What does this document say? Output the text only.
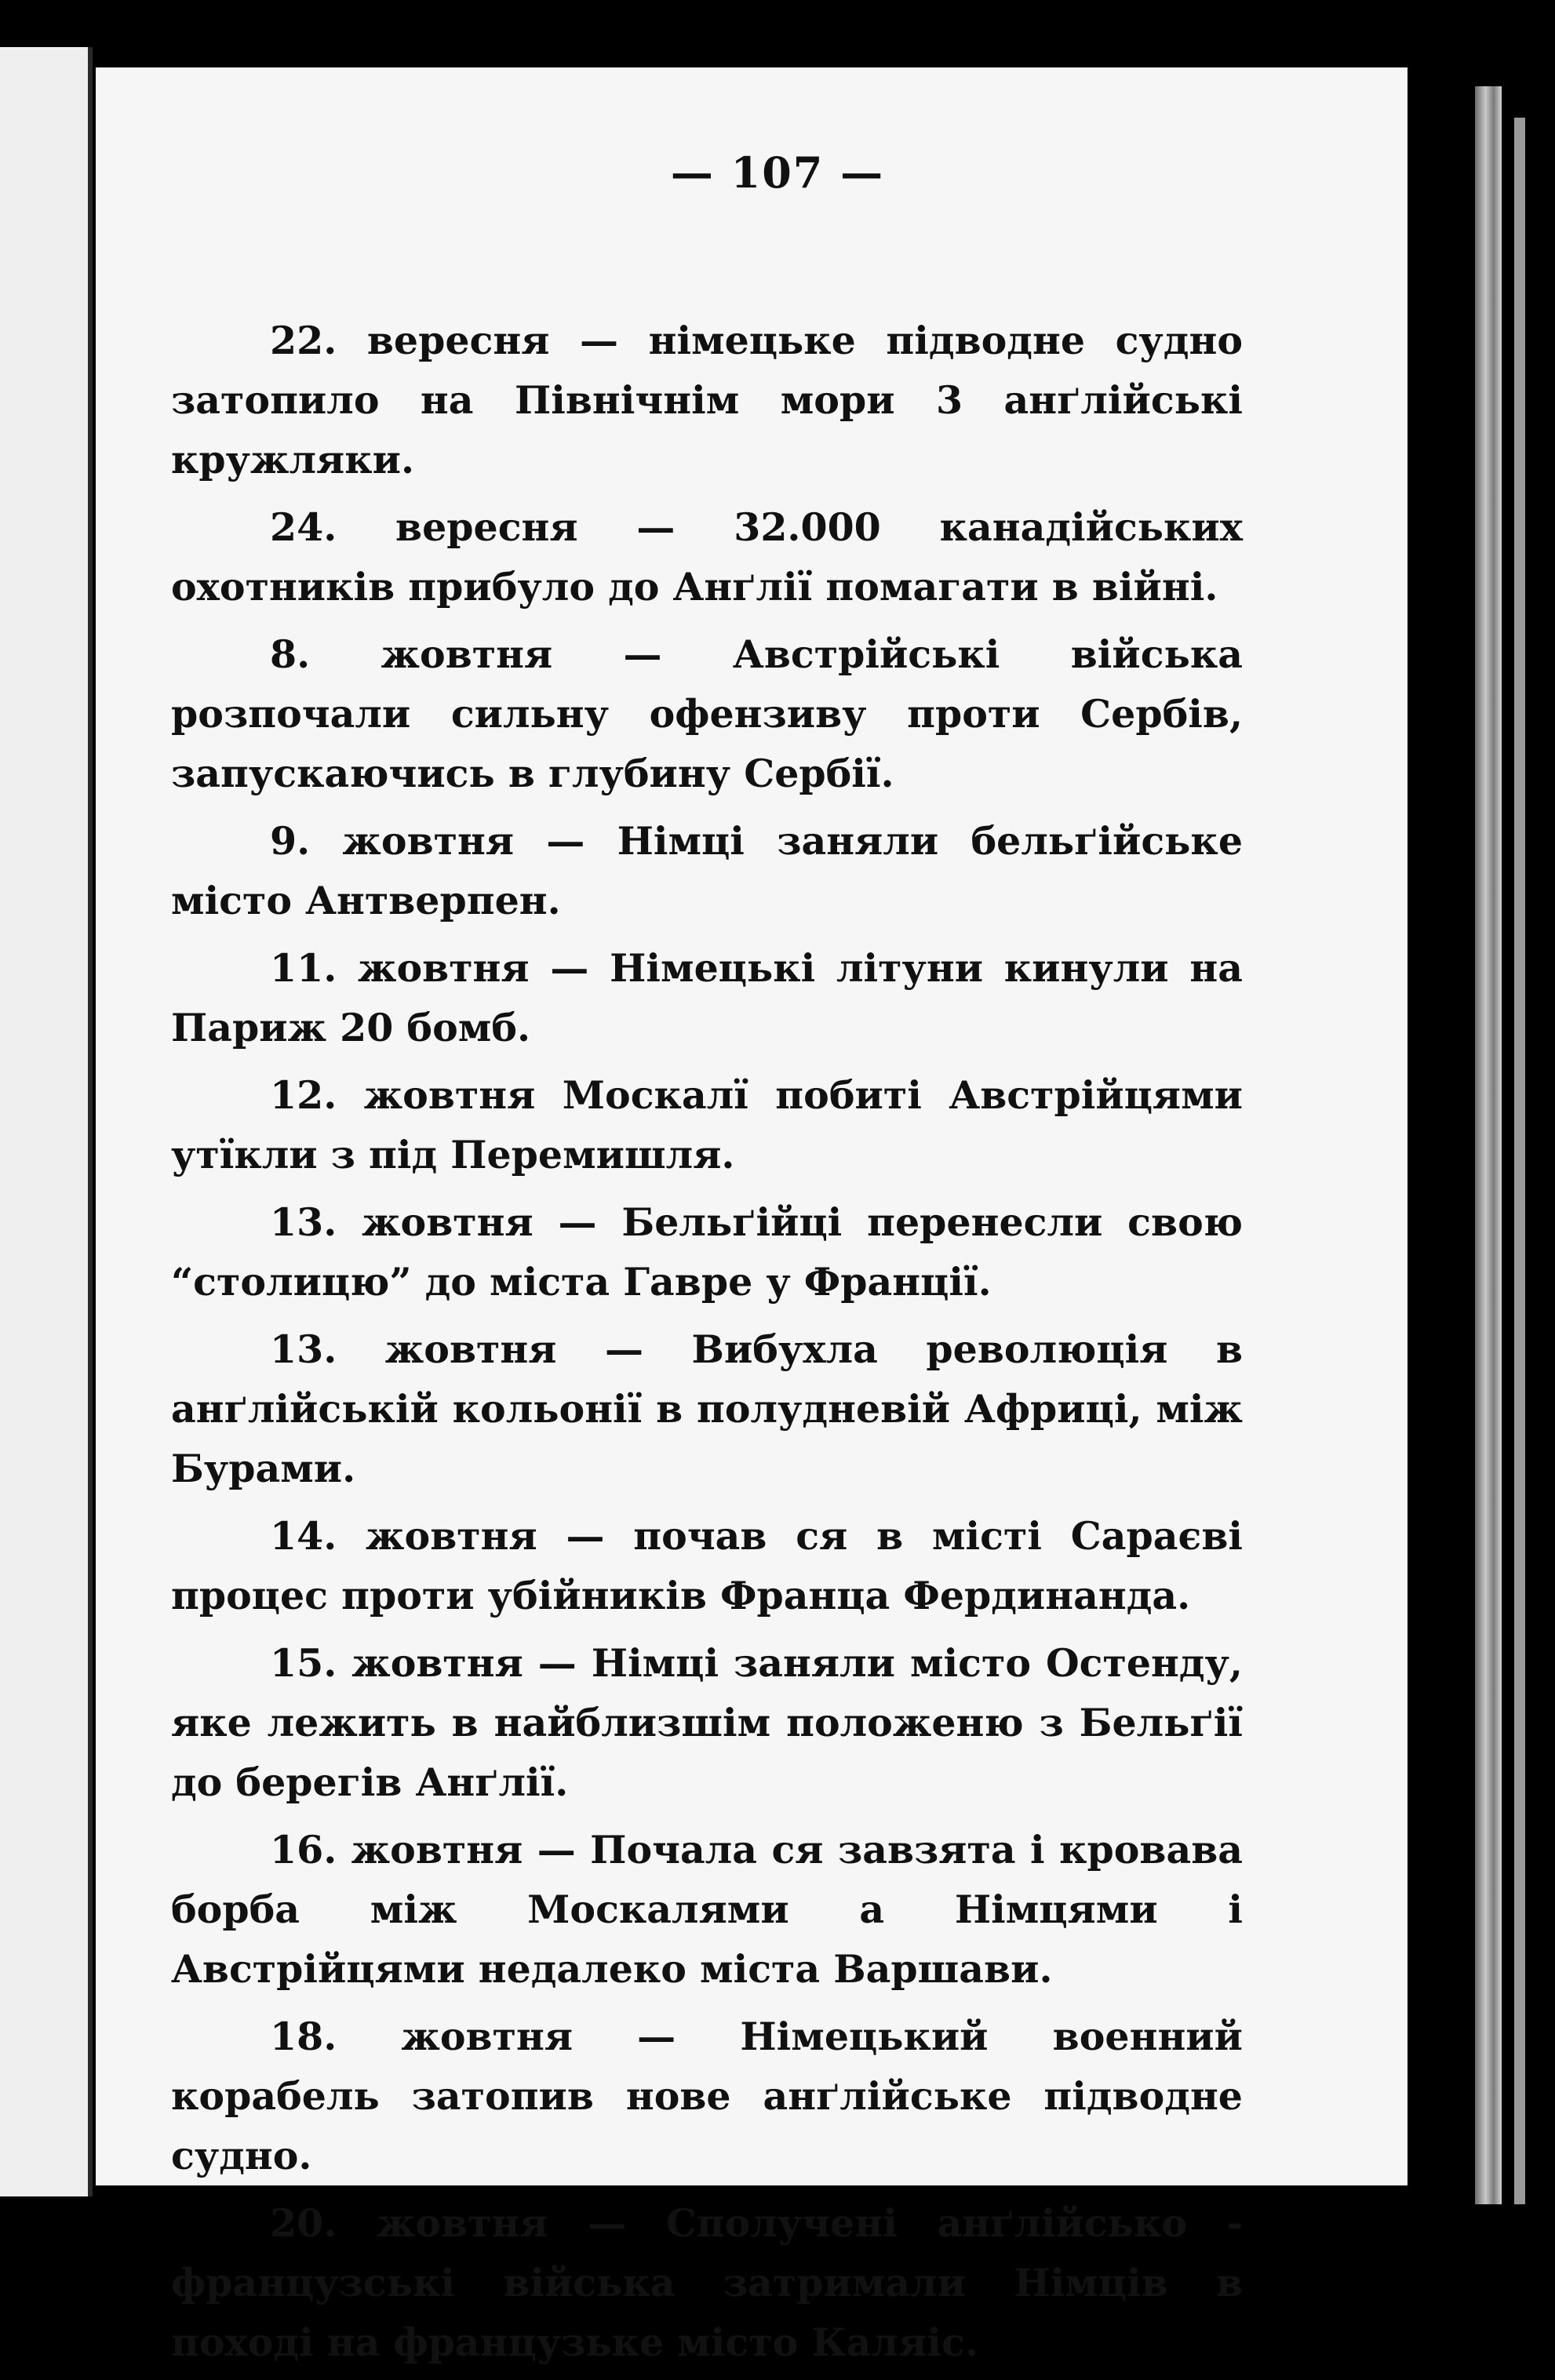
— 107 —

22. вересня — німецьке підводне судно затопило на Північнім мори 3 анґлійські кружляки.

24. вересня — 32.000 канадійських охотників прибуло до Анґлії помагати в війні.

8. жовтня — Австрійські війська розпочали сильну офензиву проти Сербів, запускаючись в глубину Сербії.

9. жовтня — Німці заняли бельґійське місто Антверпен.

11. жовтня — Німецькі літуни кинули на Париж 20 бомб.

12. жовтня Москалї побиті Австрійцями утїкли з під Перемишля.

13. жовтня — Бельґійці перенесли свою “столицю” до міста Гавре у Франції.

13. жовтня — Вибухла революція в анґлійській кольонії в полудневій Африці, між Бурами.

14. жовтня — почав ся в місті Сараєві процес проти убійників Франца Фердинанда.

15. жовтня — Німці заняли місто Остенду, яке лежить в найблизшім положеню з Бельґії до берегів Анґлії.

16. жовтня — Почала ся завзята і кровава борба між Москалями а Німцями і Австрійцями недалеко міста Варшави.

18. жовтня — Німецький военний корабель затопив нове анґлійське підводне судно.

20. жовтня — Сполучені анґлійсько - французські війська затримали Німців в поході на французьке місто Каляіс.
